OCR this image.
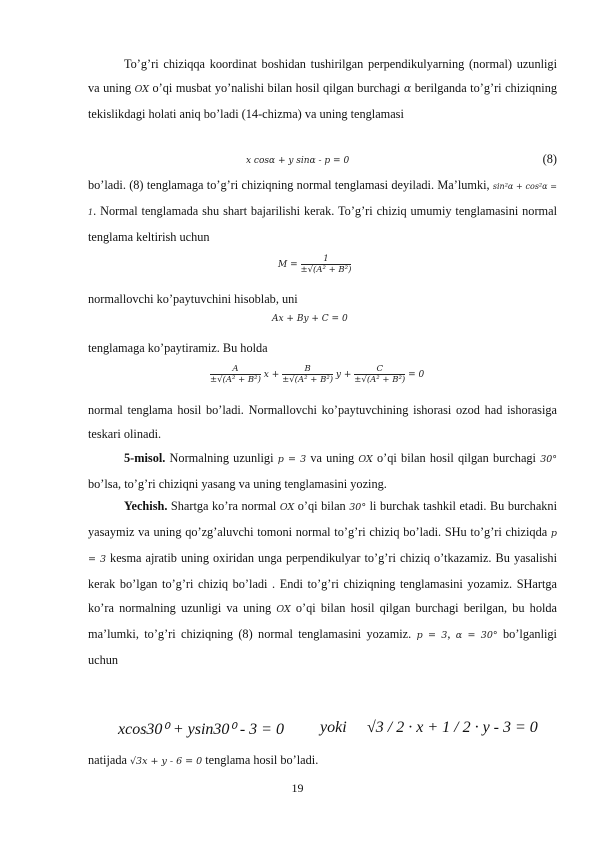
To’g’ri chiziqqa koordinat boshidan tushirilgan perpendikulyarning (normal) uzunligi va uning OX o’qi musbat yo’nalishi bilan hosil qilgan burchagi α berilganda to’g’ri chiziqning tekislikdagi holati aniq bo’ladi (14-chizma) va uning tenglamasi

x cosα + y sinα - p = 0	(8)

bo’ladi. (8) tenglamaga to’g’ri chiziqning normal tenglamasi deyiladi. Ma’lumki, sin²α + cos²α = 1. Normal tenglamada shu shart bajarilishi kerak. To’g’ri chiziq umumiy tenglamasini normal tenglama keltirish uchun

$M = \frac{1}{\text{±√(A² + B²)}}$

normallovchi ko’paytuvchini hisoblab, uni

Ax + By + C = 0

tenglamaga ko’paytiramiz. Bu holda

$\frac{A}{\text{±√(A² + B²)}}$ $x + \frac{B}{\text{±√(A² + B²)}}$ $y + \frac{C}{\text{±√(A² + B²)}} = 0$

normal tenglama hosil bo’ladi. Normallovchi ko’paytuvchining ishorasi ozod had ishorasiga teskari olinadi.

5-misol. Normalning uzunligi p = 3 va uning OX o’qi bilan hosil qilgan burchagi 30° bo’lsa, to’g’ri chiziqni yasang va uning tenglamasini yozing.

Yechish. Shartga ko’ra normal OX o’qi bilan 30° li burchak tashkil etadi. Bu burchakni yasaymiz va uning qo’zg’aluvchi tomoni normal to’g’ri chiziq bo’ladi. SHu to’g’ri chiziqda p = 3 kesma ajratib uning oxiridan unga perpendikulyar to’g’ri chiziq o’tkazamiz. Bu yasalishi kerak bo’lgan to’g’ri chiziq bo’ladi . Endi to’g’ri chiziqning tenglamasini yozamiz. SHartga ko’ra normalning uzunligi va uning OX o’qi bilan hosil qilgan burchagi berilgan, bu holda ma’lumki, to’g’ri chiziqning (8) normal tenglamasini yozamiz. p = 3, α = 30° bo’lganligi uchun

xcos30⁰ + ysin30⁰ - 3 = 0 yoki √3 / 2 · x + 1 / 2 · y - 3 = 0

natijada √3x + y - 6 = 0 tenglama hosil bo’ladi.

19
